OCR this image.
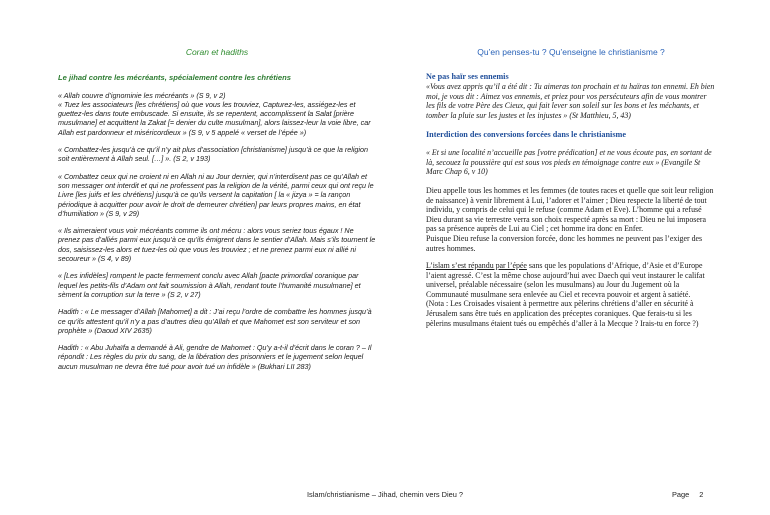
Coran et hadiths
Le jihad contre les mécréants, spécialement contre les chrétiens
« Allah couvre d’ignominie les mécréants » (S 9, v 2)
« Tuez les associateurs [les chrétiens] où que vous les trouviez, Capturez-les, assiégez-les et guettez-les dans toute embuscade. Si ensuite, ils se repentent, accomplissent la Salat [prière musulmane] et acquittent la Zakat [= denier du culte musulman], alors laissez-leur la voie libre, car Allah est pardonneur et miséricordieux » (S 9, v 5 appelé « verset de l’épée »)
« Combattez-les jusqu’à ce qu’il n’y ait plus d’association [christianisme] jusqu’à ce que la religion soit entièrement à Allah seul. […] ». (S 2, v 193)
« Combattez ceux qui ne croient ni en Allah ni au Jour dernier, qui n’interdisent pas ce qu’Allah et son messager ont interdit et qui ne professent pas la religion de la vérité, parmi ceux qui ont reçu le Livre [les juifs et les chrétiens] jusqu’à ce qu’ils versent la capitation [ la « jizya » = la rançon périodique à acquitter pour avoir le droit de demeurer chrétien] par leurs propres mains, en état d’humiliation » (S 9, v 29)
« Ils aimeraient vous voir mécréants comme ils ont mécru : alors vous seriez tous égaux ! Ne prenez pas d’alliés parmi eux jusqu’à ce qu’ils émigrent dans le sentier d’Allah. Mais s’ils tournent le dos, saisissez-les alors et tuez-les où que vous les trouviez ; et ne prenez parmi eux ni allié ni secoureur » (S 4, v 89)
« [Les infidèles] rompent le pacte fermement conclu avec Allah [pacte primordial coranique par lequel les petits-fils d’Adam ont fait soumission à Allah, rendant toute l’humanité musulmane] et sèment la corruption sur la terre » (S 2, v 27)
Hadith : « Le messager d’Allah [Mahomet] a dit : J’ai reçu l’ordre de combattre les hommes jusqu’à ce qu’ils attestent qu’il n’y a pas d’autres dieu qu’Allah et que Mahomet est son serviteur et son prophète » (Daoud XIV 2635)
Hadith : « Abu Juhaïfa a demandé à Ali, gendre de Mahomet : Qu’y a-t-il d’écrit dans le coran ? – Il répondit : Les règles du prix du sang, de la libération des prisonniers et le jugement selon lequel aucun musulman ne devra être tué pour avoir tué un infidèle » (Bukhari LII 283)
Qu’en penses-tu ? Qu’enseigne le christianisme ?
Ne pas haïr ses ennemis
«Vous avez appris qu’il a été dit : Tu aimeras ton prochain et tu haïras ton ennemi. Eh bien moi, je vous dit : Aimez vos ennemis, et priez pour vos persécuteurs afin de vous montrer les fils de votre Père des Cieux, qui fait lever son soleil sur les bons et les méchants, et tomber la pluie sur les justes et les injustes » (St Matthieu, 5, 43)
Interdiction des conversions forcées dans le christianisme
« Et si une localité n’accueille pas [votre prédication] et ne vous écoute pas, en sortant de là, secouez la poussière qui est sous vos pieds en témoignage contre eux » (Evangile St Marc Chap 6, v 10)
Dieu appelle tous les hommes et les femmes (de toutes races et quelle que soit leur religion de naissance) à venir librement à Lui, l’adorer et l’aimer ; Dieu respecte la liberté de tout individu, y compris de celui qui le refuse (comme Adam et Eve). L’homme qui a refusé Dieu durant sa vie terrestre verra son choix respecté après sa mort : Dieu ne lui imposera pas sa présence auprès de Lui au Ciel ; cet homme ira donc en Enfer.
Puisque Dieu refuse la conversion forcée, donc les hommes ne peuvent pas l’exiger des autres hommes.
L’islam s’est répandu par l’épée sans que les populations d’Afrique, d’Asie et d’Europe l’aient agressé. C’est la même chose aujourd’hui avec Daech qui veut instaurer le califat universel, préalable nécessaire (selon les musulmans) au Jour du Jugement où la Communauté musulmane sera enlevée au Ciel et recevra pouvoir et argent à satiété.
(Nota : Les Croisades visaient à permettre aux pèlerins chrétiens d’aller en sécurité à Jérusalem sans être tués en application des préceptes coraniques. Que ferais-tu si les pèlerins musulmans étaient tués ou empêchés d’aller à la Mecque ? Irais-tu en force ?)
Islam/christianisme – Jihad, chemin vers Dieu ?	Page 2
